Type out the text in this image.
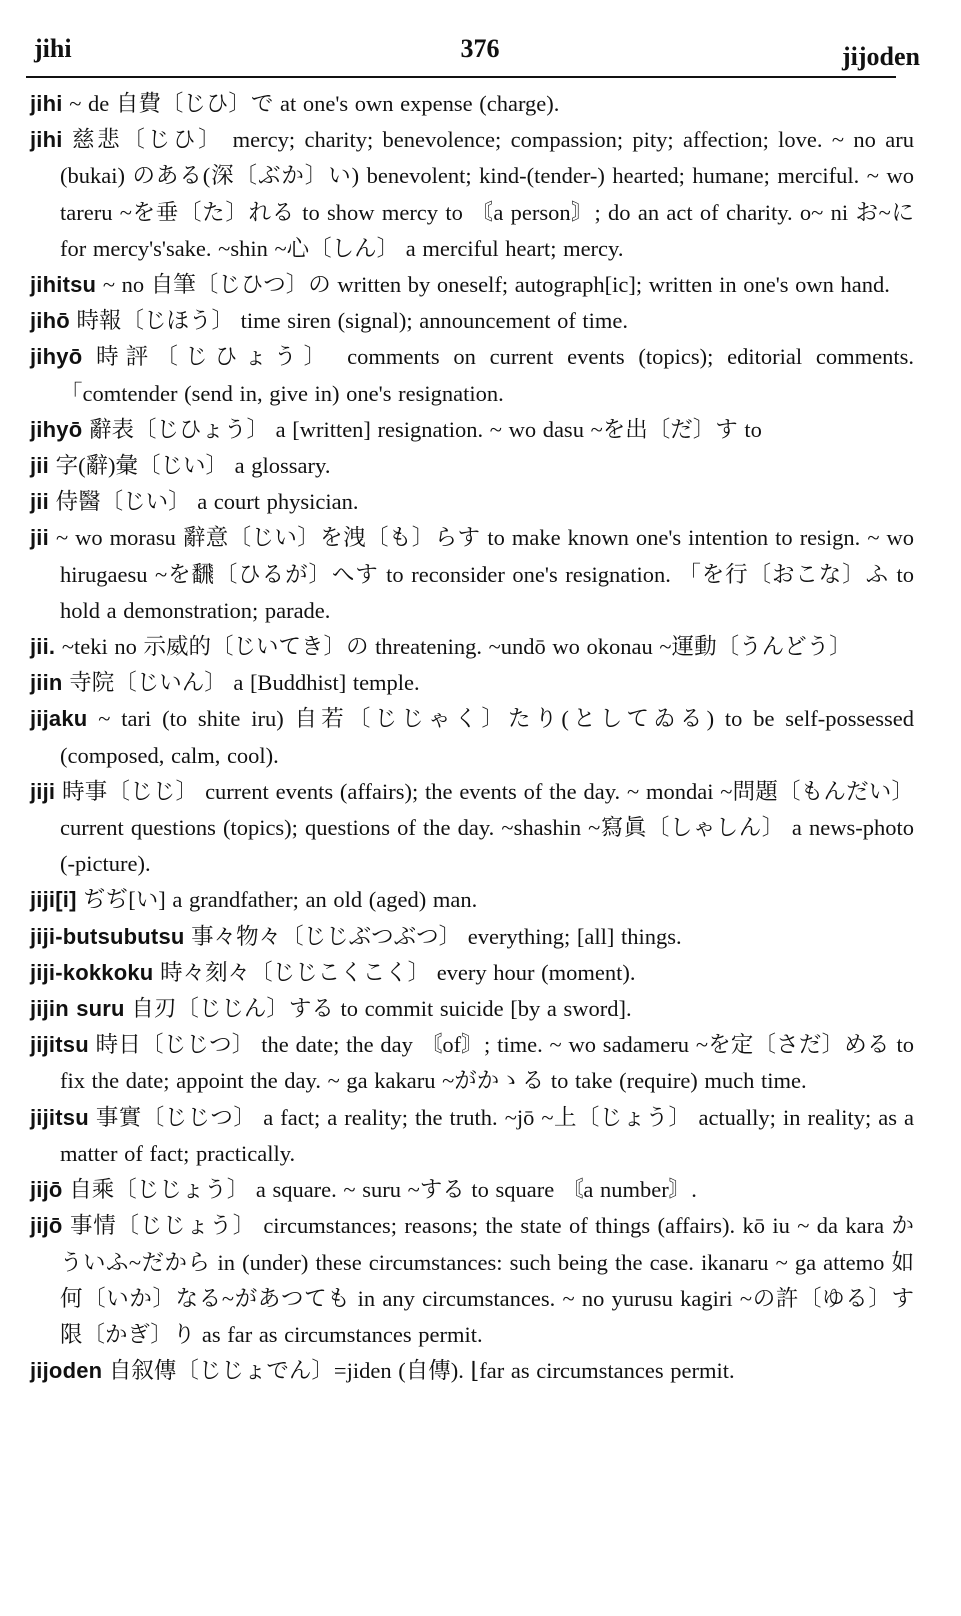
jihi	376	jijoden
jihi ~ de 自費〔じひ〕で at one's own expense (charge).
jihi 慈悲〔じひ〕 mercy; charity; benevolence; compassion; pity; affection; love. ~ no aru (bukai) のある(深〔ぶか〕い) benevolent; kind-(tender-) hearted; humane; merciful. ~ wo tareru ~を垂〔た〕れる to show mercy to 〘a person〙; do an act of charity. o~ ni お~に for mercy's'sake. ~shin ~心〔しん〕 a merciful heart; mercy.
jihitsu ~ no 自筆〔じひつ〕の written by oneself; autograph[ic]; written in one's own hand.
jihō 時報〔じほう〕 time siren (signal); announcement of time.
jihyō 時評〔じひょう〕 comments on current events (topics); editorial comments. 「comtender (send in, give in) one's resignation.
jihyō 辭表〔じひょう〕 a [written] resignation. ~ wo dasu ~を出〔だ〕す to
jii 字(辭)彙〔じい〕 a glossary.
jii 侍醫〔じい〕 a court physician.
jii ~ wo morasu 辭意〔じい〕を洩〔も〕らす to make known one's intention to resign. ~ wo hirugaesu ~を飜〔ひるが〕へす to reconsider one's resignation. 「を行〔おこな〕ふ to hold a demonstration; parade.
jii. ~teki no 示威的〔じいてき〕の threatening. ~undō wo okonau ~運動〔うんどう〕
jiin 寺院〔じいん〕 a [Buddhist] temple.
jijaku ~ tari (to shite iru) 自若〔じじゃく〕たり(としてゐる) to be self-possessed (composed, calm, cool).
jiji 時事〔じじ〕 current events (affairs); the events of the day. ~ mondai ~問題〔もんだい〕 current questions (topics); questions of the day. ~shashin ~寫眞〔しゃしん〕 a news-photo (-picture).
jiji[i] ぢぢ[い] a grandfather; an old (aged) man.
jiji-butsubutsu 事々物々〔じじぶつぶつ〕 everything; [all] things.
jiji-kokkoku 時々刻々〔じじこくこく〕 every hour (moment).
jijin suru 自刃〔じじん〕する to commit suicide [by a sword].
jijitsu 時日〔じじつ〕 the date; the day 〘of〙; time. ~ wo sadameru ~を定〔さだ〕める to fix the date; appoint the day. ~ ga kakaru ~がかゝる to take (require) much time.
jijitsu 事實〔じじつ〕 a fact; a reality; the truth. ~jō ~上〔じょう〕 actually; in reality; as a matter of fact; practically.
jijō 自乘〔じじょう〕 a square. ~ suru ~する to square 〘a number〙.
jijō 事情〔じじょう〕 circumstances; reasons; the state of things (affairs). kō iu ~ da kara かういふ~だから in (under) these circumstances: such being the case. ikanaru ~ ga attemo 如何〔いか〕なる~があつても in any circumstances. ~ no yurusu kagiri ~の許〔ゆる〕す限〔かぎ〕り as far as circumstances permit.
jijoden 自叙傳〔じじょでん〕=jiden (自傳). ⌊far as circumstances permit.
